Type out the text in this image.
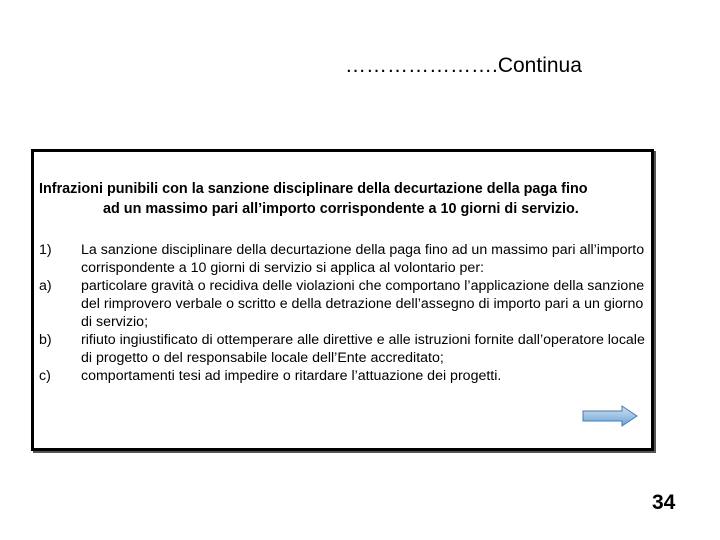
………………….Continua
Infrazioni punibili con la sanzione disciplinare della decurtazione della paga fino
ad un massimo pari all’importo corrispondente a 10 giorni di servizio.
1)	La sanzione disciplinare della decurtazione della paga fino ad un massimo pari all’importo corrispondente a 10 giorni di servizio si applica al volontario per:
a)	particolare gravità o recidiva delle violazioni che comportano l’applicazione della sanzione del rimprovero verbale o scritto e della detrazione dell’assegno di importo pari a un giorno di servizio;
b)	rifiuto ingiustificato di ottemperare alle direttive e alle istruzioni fornite dall’operatore locale di progetto o del responsabile locale dell’Ente accreditato;
c)	comportamenti tesi ad impedire o ritardare l’attuazione dei progetti.
34
